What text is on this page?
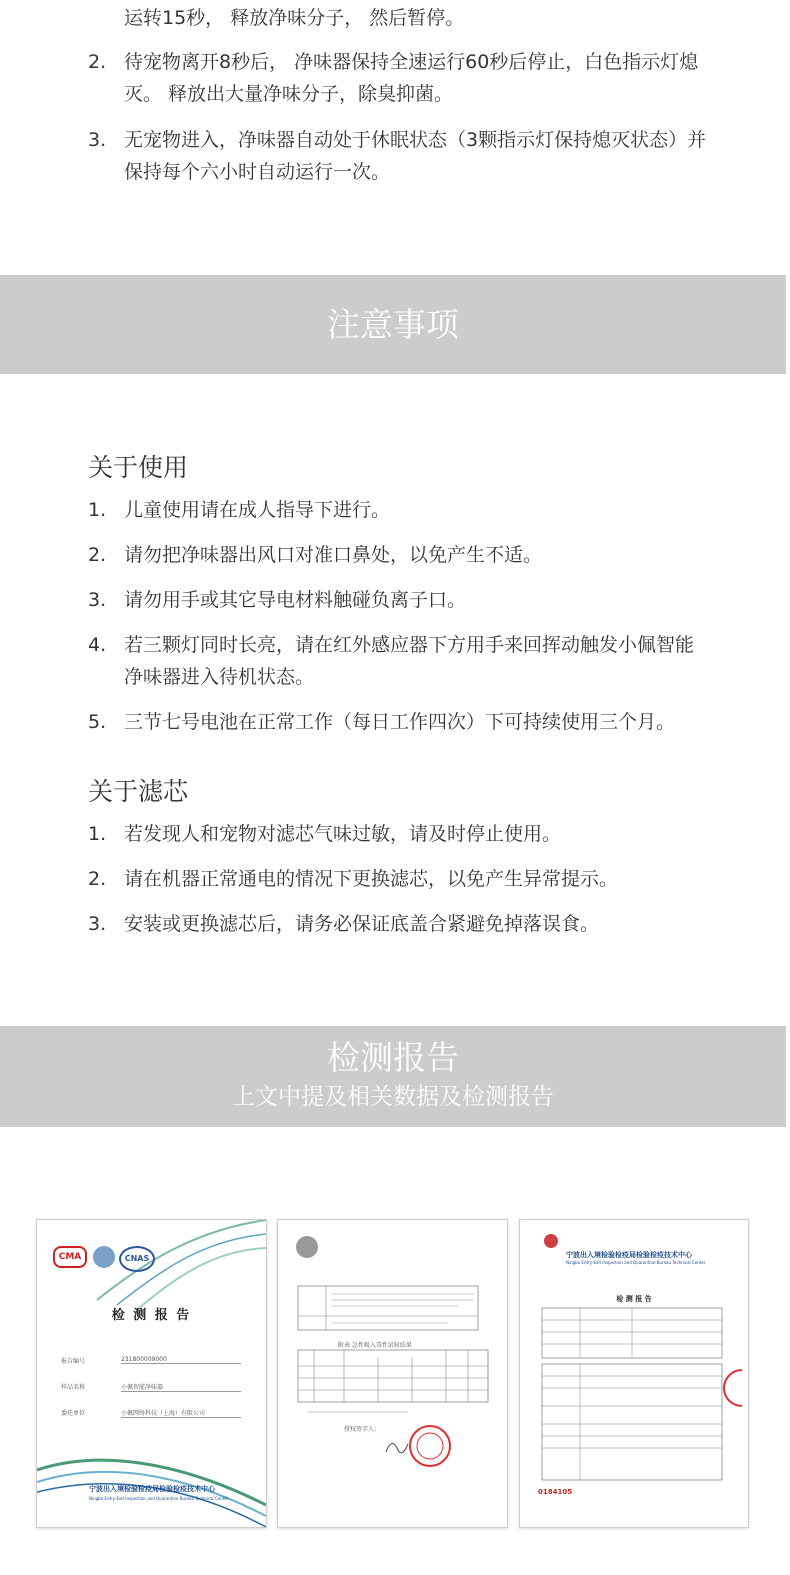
运转15秒， 释放净味分子， 然后暂停。
2. 待宠物离开8秒后， 净味器保持全速运行60秒后停止，白色指示灯熄灭。 释放出大量净味分子，除臭抑菌。
3. 无宠物进入，净味器自动处于休眠状态（3颗指示灯保持熄灭状态）并保持每个六小时自动运行一次。
注意事项
关于使用
1. 儿童使用请在成人指导下进行。
2. 请勿把净味器出风口对准口鼻处，以免产生不适。
3. 请勿用手或其它导电材料触碰负离子口。
4. 若三颗灯同时长亮，请在红外感应器下方用手来回挥动触发小佩智能净味器进入待机状态。
5. 三节七号电池在正常工作（每日工作四次）下可持续使用三个月。
关于滤芯
1. 若发现人和宠物对滤芯气味过敏，请及时停止使用。
2. 请在机器正常通电的情况下更换滤芯，以免产生异常提示。
3. 安装或更换滤芯后，请务必保证底盖合紧避免掉落误食。
检测报告
上文中提及相关数据及检测报告
CMA	CNAS
检 测 报 告
报告编号	231800009000
样品名称	小佩智能净味器
委托单位	小佩网络科技（上海）有限公司
宁波出入境检验检疫局检验检疫技术中心
Ningbo Entry-Exit Inspection and Quarantine Bureau Technical Center
附表 急性吸入毒性试验结果
授权签字人：
宁波出入境检验检疫局检验检疫技术中心
Ningbo Entry-Exit Inspection and Quarantine Bureau Technical Center
检 测 报 告
0184105
